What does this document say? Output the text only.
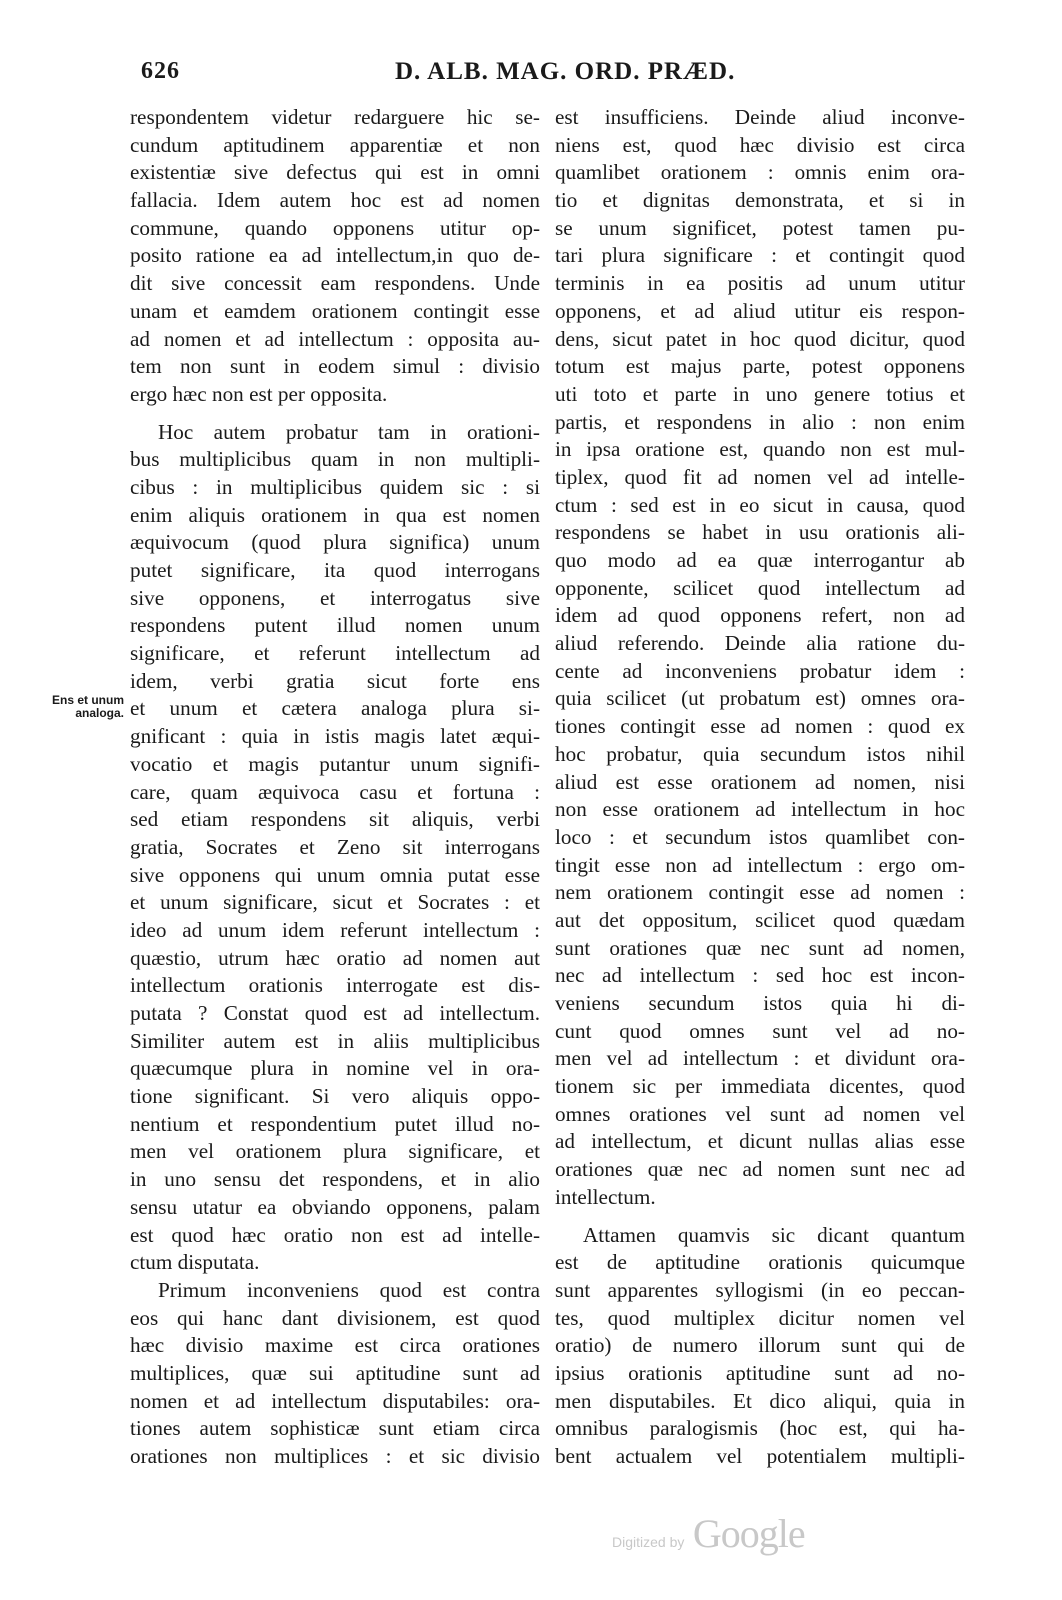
626	D. ALB. MAG. ORD. PRÆD.
Ens et unum
analoga.
respondentem videtur redarguere hic se-
cundum aptitudinem apparentiæ et non
existentiæ sive defectus qui est in omni
fallacia. Idem autem hoc est ad nomen
commune, quando opponens utitur op-
posito ratione ea ad intellectum,in quo de-
dit sive concessit eam respondens. Unde
unam et eamdem orationem contingit esse
ad nomen et ad intellectum : opposita au-
tem non sunt in eodem simul : divisio
ergo hæc non est per opposita.
Hoc autem probatur tam in orationi-
bus multiplicibus quam in non multipli-
cibus : in multiplicibus quidem sic : si
enim aliquis orationem in qua est nomen
æquivocum (quod plura significa) unum
putet significare, ita quod interrogans
sive opponens, et interrogatus sive
respondens putent illud nomen unum
significare, et referunt intellectum ad
idem, verbi gratia sicut forte ens
et unum et cætera analoga plura si-
gnificant : quia in istis magis latet æqui-
vocatio et magis putantur unum signifi-
care, quam æquivoca casu et fortuna :
sed etiam respondens sit aliquis, verbi
gratia, Socrates et Zeno sit interrogans
sive opponens qui unum omnia putat esse
et unum significare, sicut et Socrates : et
ideo ad unum idem referunt intellectum :
quæstio, utrum hæc oratio ad nomen aut
intellectum orationis interrogate est dis-
putata ? Constat quod est ad intellectum.
Similiter autem est in aliis multiplicibus
quæcumque plura in nomine vel in ora-
tione significant. Si vero aliquis oppo-
nentium et respondentium putet illud no-
men vel orationem plura significare, et
in uno sensu det respondens, et in alio
sensu utatur ea obviando opponens, palam
est quod hæc oratio non est ad intelle-
ctum disputata.
Primum inconveniens quod est contra
eos qui hanc dant divisionem, est quod
hæc divisio maxime est circa orationes
multiplices, quæ sui aptitudine sunt ad
nomen et ad intellectum disputabiles: ora-
tiones autem sophisticæ sunt etiam circa
orationes non multiplices : et sic divisio
est insufficiens. Deinde aliud inconve-
niens est, quod hæc divisio est circa
quamlibet orationem : omnis enim ora-
tio et dignitas demonstrata, et si in
se unum significet, potest tamen pu-
tari plura significare : et contingit quod
terminis in ea positis ad unum utitur
opponens, et ad aliud utitur eis respon-
dens, sicut patet in hoc quod dicitur, quod
totum est majus parte, potest opponens
uti toto et parte in uno genere totius et
partis, et respondens in alio : non enim
in ipsa oratione est, quando non est mul-
tiplex, quod fit ad nomen vel ad intelle-
ctum : sed est in eo sicut in causa, quod
respondens se habet in usu orationis ali-
quo modo ad ea quæ interrogantur ab
opponente, scilicet quod intellectum ad
idem ad quod opponens refert, non ad
aliud referendo. Deinde alia ratione du-
cente ad inconveniens probatur idem :
quia scilicet (ut probatum est) omnes ora-
tiones contingit esse ad nomen : quod ex
hoc probatur, quia secundum istos nihil
aliud est esse orationem ad nomen, nisi
non esse orationem ad intellectum in hoc
loco : et secundum istos quamlibet con-
tingit esse non ad intellectum : ergo om-
nem orationem contingit esse ad nomen :
aut det oppositum, scilicet quod quædam
sunt orationes quæ nec sunt ad nomen,
nec ad intellectum : sed hoc est incon-
veniens secundum istos quia hi di-
cunt quod omnes sunt vel ad no-
men vel ad intellectum : et dividunt ora-
tionem sic per immediata dicentes, quod
omnes orationes vel sunt ad nomen vel
ad intellectum, et dicunt nullas alias esse
orationes quæ nec ad nomen sunt nec ad
intellectum.
Attamen quamvis sic dicant quantum
est de aptitudine orationis quicumque
sunt apparentes syllogismi (in eo peccan-
tes, quod multiplex dicitur nomen vel
oratio) de numero illorum sunt qui de
ipsius orationis aptitudine sunt ad no-
men disputabiles. Et dico aliqui, quia in
omnibus paralogismis (hoc est, qui ha-
bent actualem vel potentialem multipli-
Digitized by Google
